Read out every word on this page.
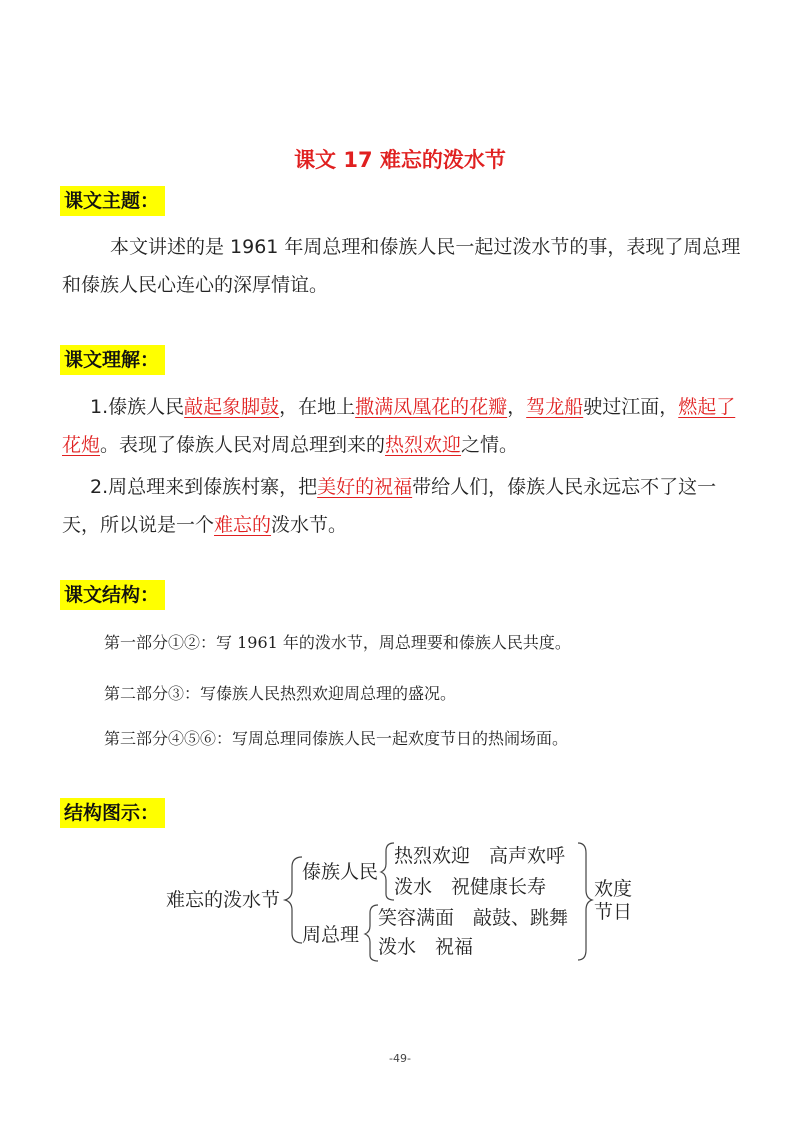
课文 17 难忘的泼水节
课文主题：
本文讲述的是 1961 年周总理和傣族人民一起过泼水节的事，表现了周总理和傣族人民心连心的深厚情谊。
课文理解：
1.傣族人民敲起象脚鼓，在地上撒满凤凰花的花瓣，驾龙船驶过江面，燃起了花炮。表现了傣族人民对周总理到来的热烈欢迎之情。
2.周总理来到傣族村寨，把美好的祝福带给人们，傣族人民永远忘不了这一天，所以说是一个难忘的泼水节。
课文结构：
第一部分①②：写 1961 年的泼水节，周总理要和傣族人民共度。
第二部分③：写傣族人民热烈欢迎周总理的盛况。
第三部分④⑤⑥：写周总理同傣族人民一起欢度节日的热闹场面。
结构图示：
难忘的泼水节
傣族人民
热烈欢迎　高声欢呼
泼水　祝健康长寿
周总理
笑容满面　敲鼓、跳舞
泼水　祝福
欢度
节日
-49-
